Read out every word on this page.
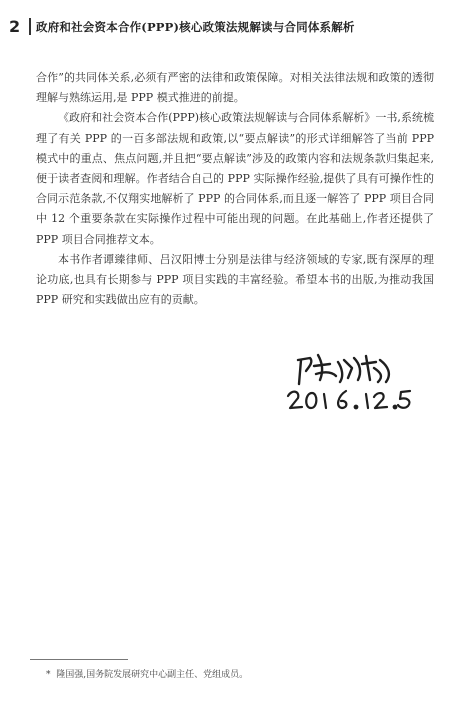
2 政府和社会资本合作(PPP)核心政策法规解读与合同体系解析

合作”的共同体关系,必须有严密的法律和政策保障。对相关法律法规和政策的透彻理解与熟练运用,是 PPP 模式推进的前提。

《政府和社会资本合作(PPP)核心政策法规解读与合同体系解析》一书,系统梳理了有关 PPP 的一百多部法规和政策,以“要点解读”的形式详细解答了当前 PPP 模式中的重点、焦点问题,并且把“要点解读”涉及的政策内容和法规条款归集起来,便于读者查阅和理解。作者结合自己的 PPP 实际操作经验,提供了具有可操作性的合同示范条款,不仅翔实地解析了 PPP 的合同体系,而且逐一解答了 PPP 项目合同中 12 个重要条款在实际操作过程中可能出现的问题。在此基础上,作者还提供了 PPP 项目合同推荐文本。

本书作者谭臻律师、吕汉阳博士分别是法律与经济领域的专家,既有深厚的理论功底,也具有长期参与 PPP 项目实践的丰富经验。希望本书的出版,为推动我国 PPP 研究和实践做出应有的贡献。

* 隆国强,国务院发展研究中心副主任、党组成员。
